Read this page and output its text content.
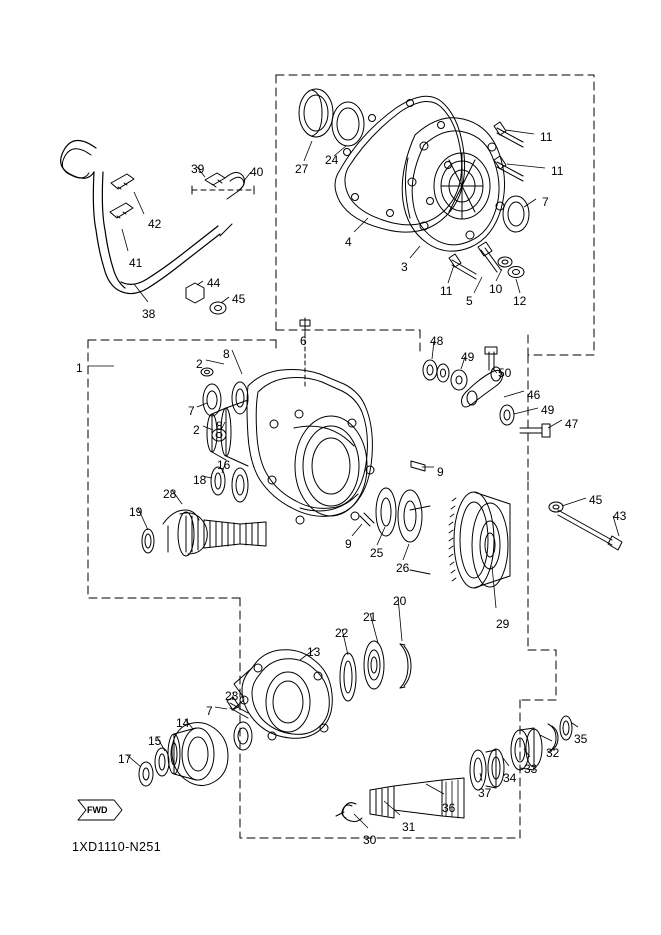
1	2
2
3
4
5
6
7
7
7
8
8
9
9
10
11
11
11
12
13
14
15
16
17
18
19
20
21
22
23
24
25
26
27
28
29
30
31
32
33
34
35
36
37
38
39	40
41
42
43
44
45
45
46
47
48
49
49
50
FWD
1XD1110-N251
